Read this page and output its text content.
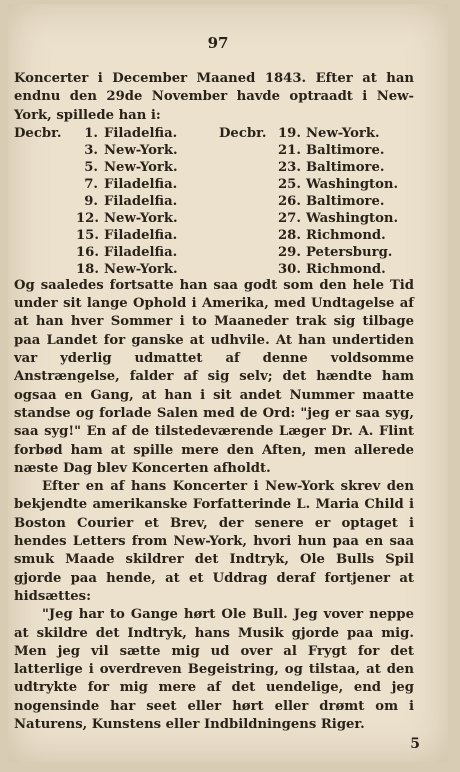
97

Koncerter i December Maaned 1843. Efter at han endnu den 29de November havde optraadt i New-York, spillede han i:

Decbr.	Decbr.
1. Filadelfia.
3. New-York.
5. New-York.
7. Filadelfia.
9. Filadelfia.
12. New-York.
15. Filadelfia.
16. Filadelfia.
18. New-York.
19. New-York.
21. Baltimore.
23. Baltimore.
25. Washington.
26. Baltimore.
27. Washington.
28. Richmond.
29. Petersburg.
30. Richmond.

Og saaledes fortsatte han saa godt som den hele Tid under sit lange Ophold i Amerika, med Undtagelse af at han hver Sommer i to Maaneder trak sig tilbage paa Landet for ganske at udhvile. At han undertiden var yderlig udmattet af denne voldsomme Anstrængelse, falder af sig selv; det hændte ham ogsaa en Gang, at han i sit andet Nummer maatte standse og forlade Salen med de Ord: "jeg er saa syg, saa syg!" En af de tilstedeværende Læger Dr. A. Flint forbød ham at spille mere den Aften, men allerede næste Dag blev Koncerten afholdt.

Efter en af hans Koncerter i New-York skrev den bekjendte amerikanske Forfatterinde L. Maria Child i Boston Courier et Brev, der senere er optaget i hendes Letters from New-York, hvori hun paa en saa smuk Maade skildrer det Indtryk, Ole Bulls Spil gjorde paa hende, at et Uddrag deraf fortjener at hidsættes:

"Jeg har to Gange hørt Ole Bull. Jeg vover neppe at skildre det Indtryk, hans Musik gjorde paa mig. Men jeg vil sætte mig ud over al Frygt for det latterlige i overdreven Begeistring, og tilstaa, at den udtrykte for mig mere af det uendelige, end jeg nogensinde har seet eller hørt eller drømt om i Naturens, Kunstens eller Indbildningens Riger.

5
